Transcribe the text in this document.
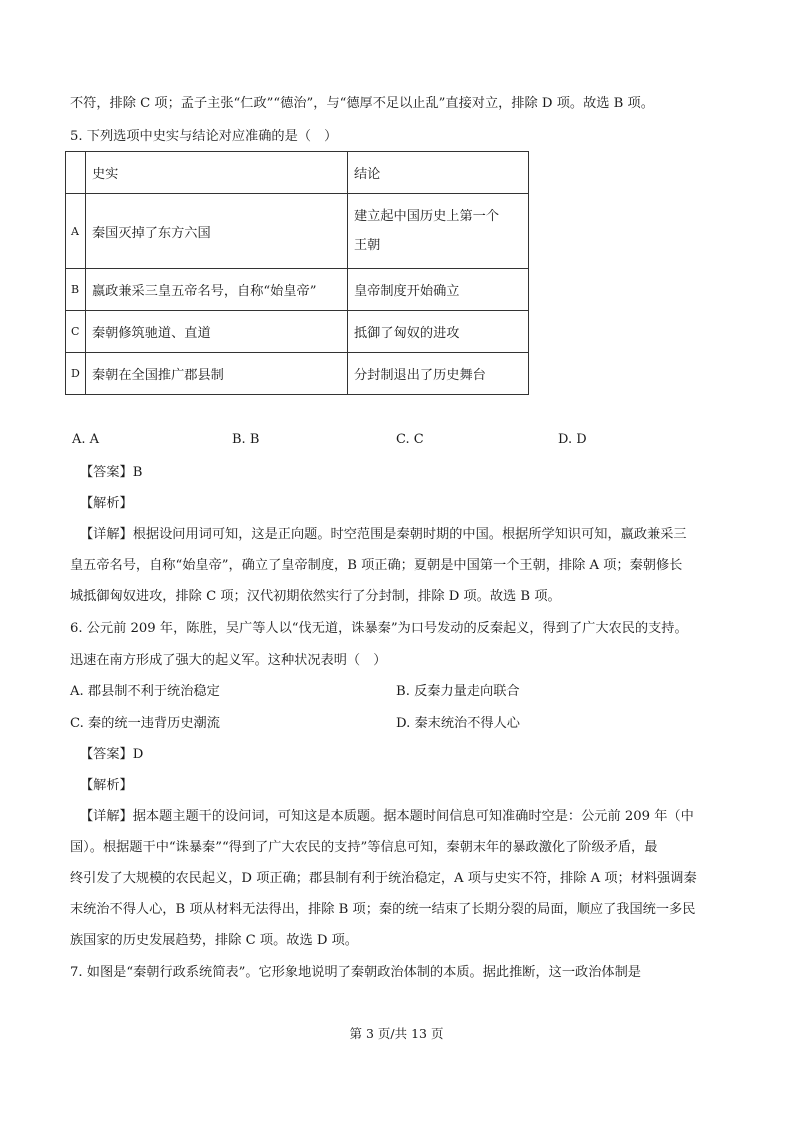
不符，排除 C 项；孟子主张“仁政”“德治”，与“德厚不足以止乱”直接对立，排除 D 项。故选 B 项。
5. 下列选项中史实与结论对应准确的是（　）
	史实	结论
A	秦国灭掉了东方六国	建立起中国历史上第一个
王朝

B	嬴政兼采三皇五帝名号，自称“始皇帝”	皇帝制度开始确立
C	秦朝修筑驰道、直道	抵御了匈奴的进攻
D	秦朝在全国推广郡县制	分封制退出了历史舞台
A. A	B. B	C. C	D. D
【答案】B
【解析】
【详解】根据设问用词可知，这是正向题。时空范围是秦朝时期的中国。根据所学知识可知，嬴政兼采三
皇五帝名号，自称“始皇帝”，确立了皇帝制度，B 项正确；夏朝是中国第一个王朝，排除 A 项；秦朝修长
城抵御匈奴进攻，排除 C 项；汉代初期依然实行了分封制，排除 D 项。故选 B 项。
6. 公元前 209 年，陈胜，吴广等人以“伐无道，诛暴秦”为口号发动的反秦起义，得到了广大农民的支持。
迅速在南方形成了强大的起义军。这种状况表明（　）
A. 郡县制不利于统治稳定	B. 反秦力量走向联合
C. 秦的统一违背历史潮流	D. 秦末统治不得人心
【答案】D
【解析】
【详解】据本题主题干的设问词，可知这是本质题。据本题时间信息可知准确时空是：公元前 209 年（中
国）。根据题干中“诛暴秦”“得到了广大农民的支持”等信息可知，秦朝末年的暴政激化了阶级矛盾，最
终引发了大规模的农民起义，D 项正确；郡县制有利于统治稳定，A 项与史实不符，排除 A 项；材料强调秦
末统治不得人心，B 项从材料无法得出，排除 B 项；秦的统一结束了长期分裂的局面，顺应了我国统一多民
族国家的历史发展趋势，排除 C 项。故选 D 项。
7. 如图是“秦朝行政系统简表”。它形象地说明了秦朝政治体制的本质。据此推断，这一政治体制是
第 3 页/共 13 页
